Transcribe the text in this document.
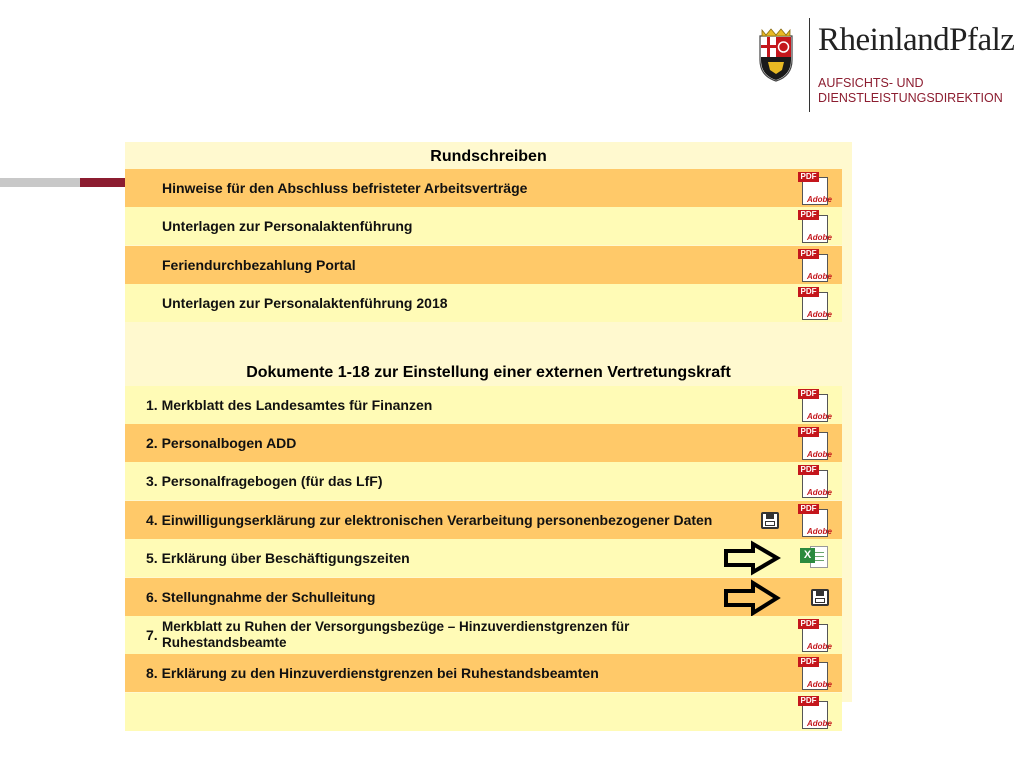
RheinlandPfalz
AUFSICHTS- UND
DIENSTLEISTUNGSDIREKTION
Rundschreiben
Hinweise für den Abschluss befristeter Arbeitsverträge
PDF
Adobe
Unterlagen zur Personalaktenführung
PDF
Adobe
Feriendurchbezahlung Portal
PDF
Adobe
Unterlagen zur Personalaktenführung 2018
PDF
Adobe
Dokumente 1-18 zur Einstellung einer externen Vertretungskraft
1. Merkblatt des Landesamtes für Finanzen
PDF
Adobe
2. Personalbogen ADD
PDF
Adobe
3. Personalfragebogen (für das LfF)
PDF
Adobe
4. Einwilligungserklärung zur elektronischen Verarbeitung personenbezogener Daten
PDF
Adobe
5. Erklärung über Beschäftigungszeiten	X
6. Stellungnahme der Schulleitung
7.
Merkblatt zu Ruhen der Versorgungsbezüge – Hinzuverdienstgrenzen für
Ruhestandsbeamte
PDF
Adobe
8. Erklärung zu den Hinzuverdienstgrenzen bei Ruhestandsbeamten
PDF
Adobe
PDF
Adobe
